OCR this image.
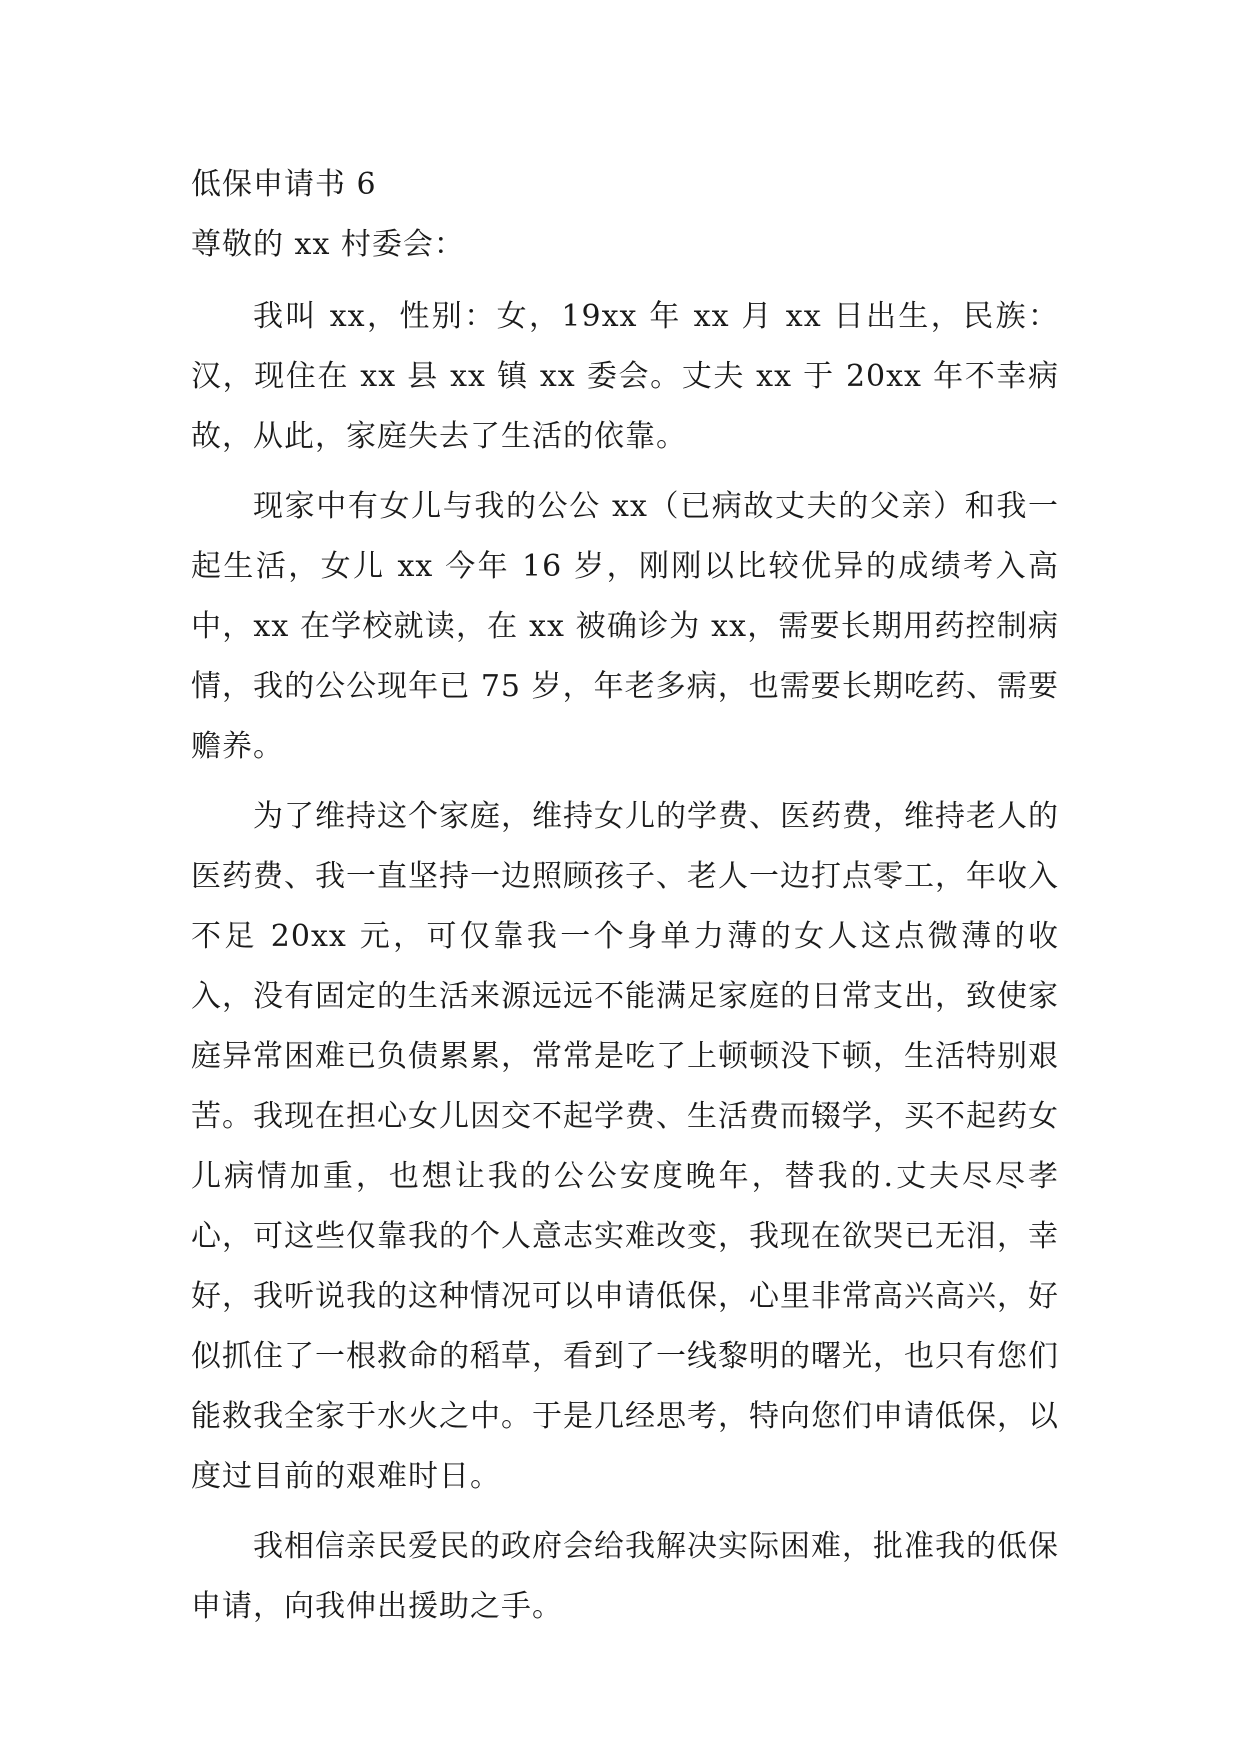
低保申请书 6

尊敬的 xx 村委会：

我叫 xx，性别：女，19xx 年 xx 月 xx 日出生，民族：汉，现住在 xx 县 xx 镇 xx 委会。丈夫 xx 于 20xx 年不幸病故，从此，家庭失去了生活的依靠。

现家中有女儿与我的公公 xx（已病故丈夫的父亲）和我一起生活，女儿 xx 今年 16 岁，刚刚以比较优异的成绩考入高中，xx 在学校就读，在 xx 被确诊为 xx，需要长期用药控制病情，我的公公现年已 75 岁，年老多病，也需要长期吃药、需要赡养。

为了维持这个家庭，维持女儿的学费、医药费，维持老人的医药费、我一直坚持一边照顾孩子、老人一边打点零工，年收入不足 20xx 元，可仅靠我一个身单力薄的女人这点微薄的收入，没有固定的生活来源远远不能满足家庭的日常支出，致使家庭异常困难已负债累累，常常是吃了上顿顿没下顿，生活特别艰苦。我现在担心女儿因交不起学费、生活费而辍学，买不起药女儿病情加重，也想让我的公公安度晚年，替我的.丈夫尽尽孝心，可这些仅靠我的个人意志实难改变，我现在欲哭已无泪，幸好，我听说我的这种情况可以申请低保，心里非常高兴高兴，好似抓住了一根救命的稻草，看到了一线黎明的曙光，也只有您们能救我全家于水火之中。于是几经思考，特向您们申请低保，以度过目前的艰难时日。

我相信亲民爱民的政府会给我解决实际困难，批准我的低保申请，向我伸出援助之手。
